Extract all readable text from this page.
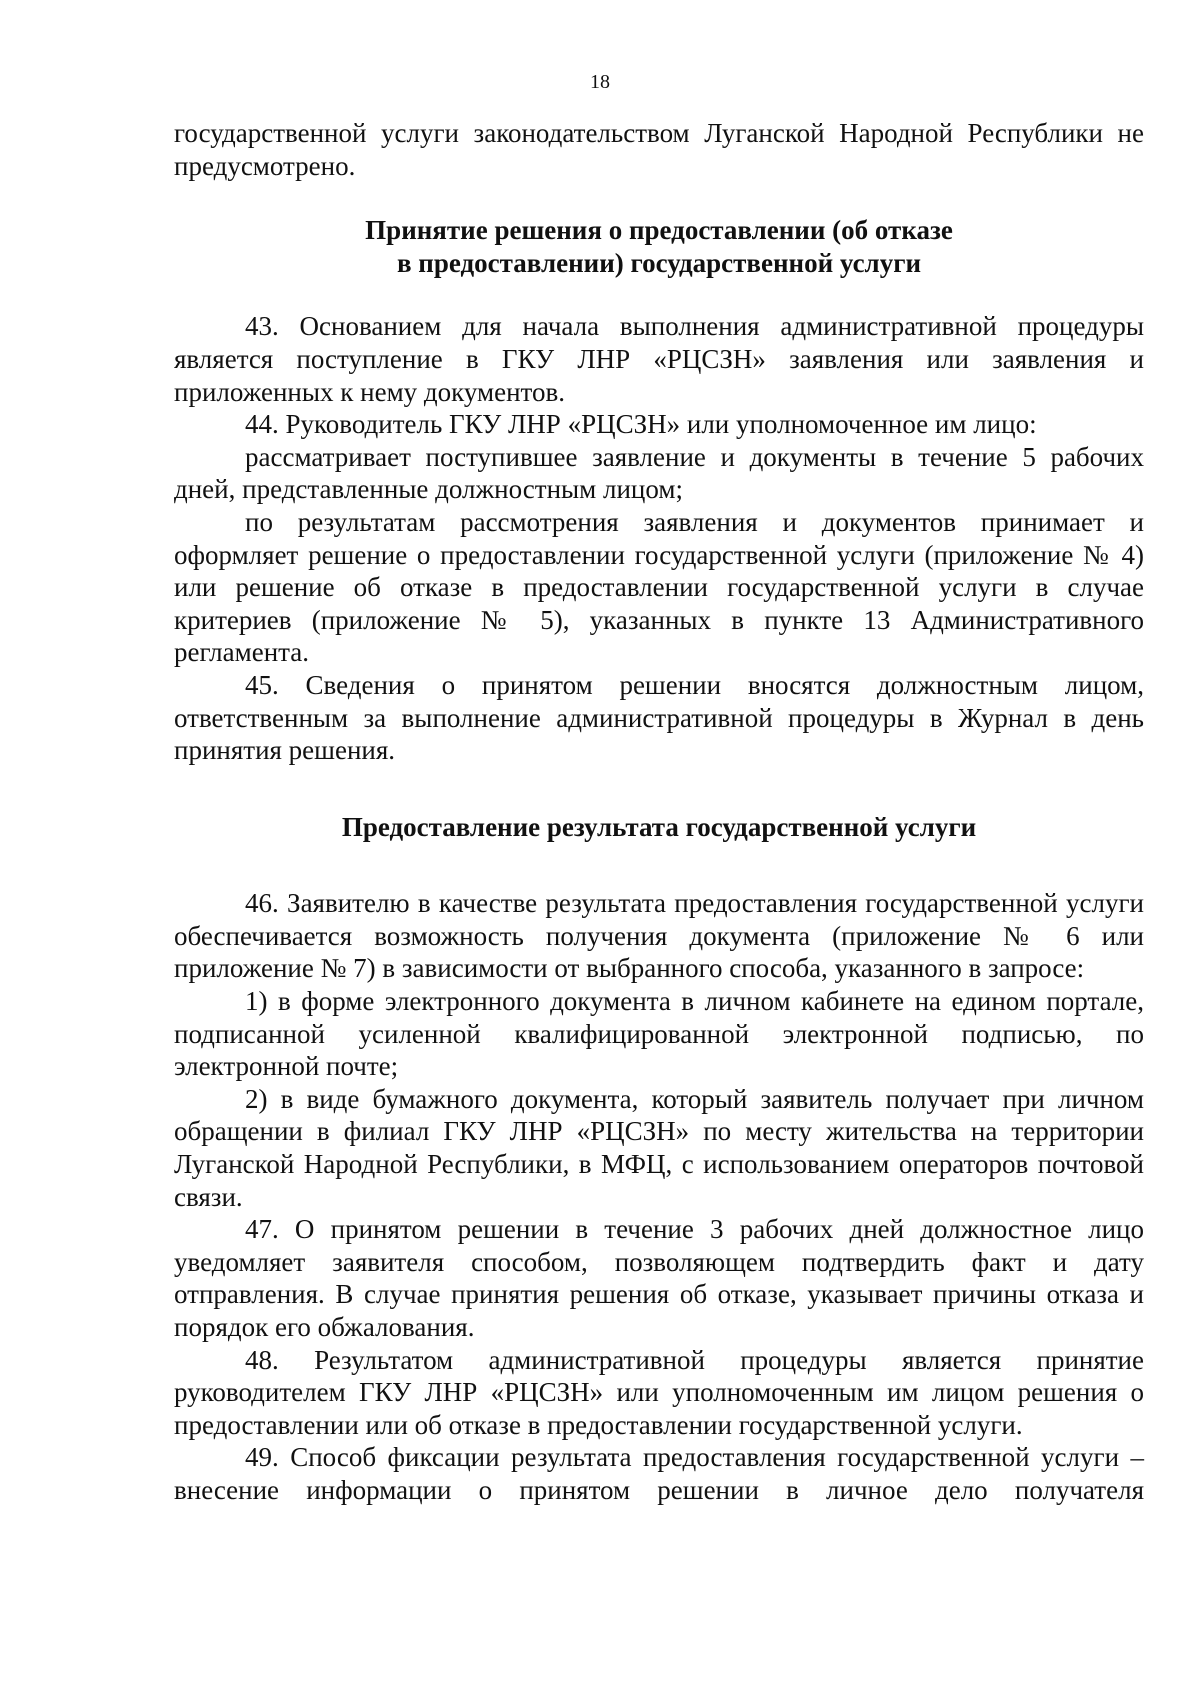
18

государственной услуги законодательством Луганской Народной Республики не предусмотрено.

Принятие решения о предоставлении (об отказе
в предоставлении) государственной услуги

43. Основанием для начала выполнения административной процедуры является поступление в ГКУ ЛНР «РЦСЗН» заявления или заявления и приложенных к нему документов.

44. Руководитель ГКУ ЛНР «РЦСЗН» или уполномоченное им лицо:

рассматривает поступившее заявление и документы в течение 5 рабочих дней, представленные должностным лицом;

по результатам рассмотрения заявления и документов принимает и оформляет решение о предоставлении государственной услуги (приложение № 4) или решение об отказе в предоставлении государственной услуги в случае критериев (приложение № 5), указанных в пункте 13 Административного регламента.

45. Сведения о принятом решении вносятся должностным лицом, ответственным за выполнение административной процедуры в Журнал в день принятия решения.

Предоставление результата государственной услуги

46. Заявителю в качестве результата предоставления государственной услуги обеспечивается возможность получения документа (приложение № 6 или приложение № 7) в зависимости от выбранного способа, указанного в запросе:

1) в форме электронного документа в личном кабинете на едином портале, подписанной усиленной квалифицированной электронной подписью, по электронной почте;

2) в виде бумажного документа, который заявитель получает при личном обращении в филиал ГКУ ЛНР «РЦСЗН» по месту жительства на территории Луганской Народной Республики, в МФЦ, с использованием операторов почтовой связи.

47. О принятом решении в течение 3 рабочих дней должностное лицо уведомляет заявителя способом, позволяющем подтвердить факт и дату отправления. В случае принятия решения об отказе, указывает причины отказа и порядок его обжалования.

48. Результатом административной процедуры является принятие руководителем ГКУ ЛНР «РЦСЗН» или уполномоченным им лицом решения о предоставлении или об отказе в предоставлении государственной услуги.

49. Способ фиксации результата предоставления государственной услуги – внесение информации о принятом решении в личное дело получателя
